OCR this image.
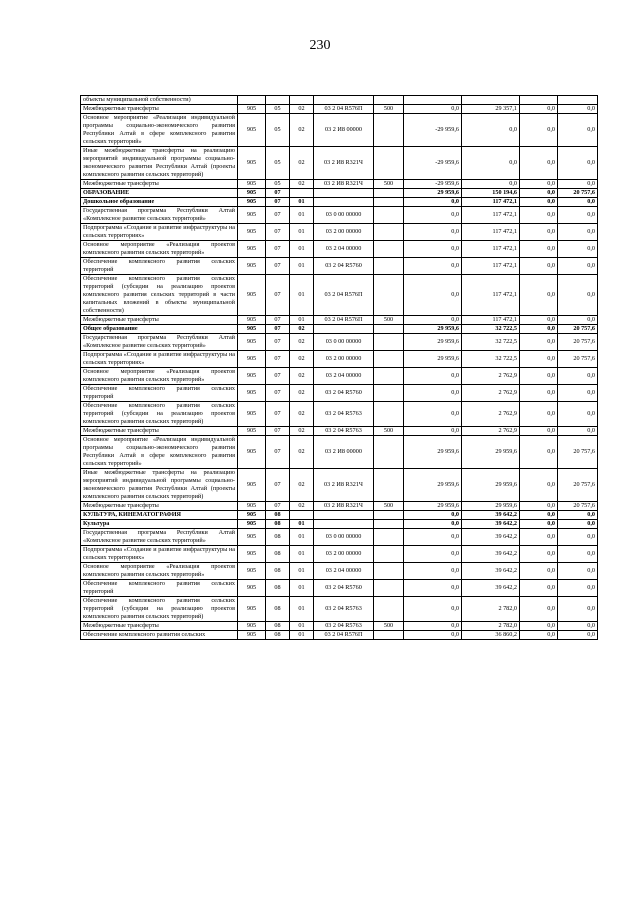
230
объекты муниципальной собственности)									
Межбюджетные трансферты	905	05	02	03 2 04 R576П	500	0,0	29 357,1	0,0	0,0
Основное мероприятие «Реализация индивидуальной программы социально-экономического развития Республики Алтай в сфере комплексного развития сельских территорий»	905	05	02	03 2 И8 00000		-29 959,6	0,0	0,0	0,0
Иные межбюджетные трансферты на реализацию мероприятий индивидуальной программы социально-экономического развития Республики Алтай (проекты комплексного развития сельских территорий)	905	05	02	03 2 И8 R321Ч		-29 959,6	0,0	0,0	0,0
Межбюджетные трансферты	905	05	02	03 2 И8 R321Ч	500	-29 959,6	0,0	0,0	0,0
ОБРАЗОВАНИЕ	905	07				29 959,6	150 194,6	0,0	20 757,6
Дошкольное образование	905	07	01			0,0	117 472,1	0,0	0,0
Государственная программа Республики Алтай «Комплексное развитие сельских территорий»	905	07	01	03 0 00 00000		0,0	117 472,1	0,0	0,0
Подпрограмма «Создание и развитие инфраструктуры на сельских территориях»	905	07	01	03 2 00 00000		0,0	117 472,1	0,0	0,0
Основное мероприятие «Реализация проектов комплексного развития сельских территорий»	905	07	01	03 2 04 00000		0,0	117 472,1	0,0	0,0
Обеспечение комплексного развития сельских территорий	905	07	01	03 2 04 R5760		0,0	117 472,1	0,0	0,0
Обеспечение комплексного развития сельских территорий (субсидии на реализацию проектов комплексного развития сельских территорий в части капитальных вложений в объекты муниципальной собственности)	905	07	01	03 2 04 R576П		0,0	117 472,1	0,0	0,0
Межбюджетные трансферты	905	07	01	03 2 04 R576П	500	0,0	117 472,1	0,0	0,0
Общее образование	905	07	02			29 959,6	32 722,5	0,0	20 757,6
Государственная программа Республики Алтай «Комплексное развитие сельских территорий»	905	07	02	03 0 00 00000		29 959,6	32 722,5	0,0	20 757,6
Подпрограмма «Создание и развитие инфраструктуры на сельских территориях»	905	07	02	03 2 00 00000		29 959,6	32 722,5	0,0	20 757,6
Основное мероприятие «Реализация проектов комплексного развития сельских территорий»	905	07	02	03 2 04 00000		0,0	2 762,9	0,0	0,0
Обеспечение комплексного развития сельских территорий	905	07	02	03 2 04 R5760		0,0	2 762,9	0,0	0,0
Обеспечение комплексного развития сельских территорий (субсидии на реализацию проектов комплексного развития сельских территорий)	905	07	02	03 2 04 R5763		0,0	2 762,9	0,0	0,0
Межбюджетные трансферты	905	07	02	03 2 04 R5763	500	0,0	2 762,9	0,0	0,0
Основное мероприятие «Реализация индивидуальной программы социально-экономического развития Республики Алтай в сфере комплексного развития сельских территорий»	905	07	02	03 2 И8 00000		29 959,6	29 959,6	0,0	20 757,6
Иные межбюджетные трансферты на реализацию мероприятий индивидуальной программы социально-экономического развития Республики Алтай (проекты комплексного развития сельских территорий)	905	07	02	03 2 И8 R321Ч		29 959,6	29 959,6	0,0	20 757,6
Межбюджетные трансферты	905	07	02	03 2 И8 R321Ч	500	29 959,6	29 959,6	0,0	20 757,6
КУЛЬТУРА, КИНЕМАТОГРАФИЯ	905	08				0,0	39 642,2	0,0	0,0
Культура	905	08	01			0,0	39 642,2	0,0	0,0
Государственная программа Республики Алтай «Комплексное развитие сельских территорий»	905	08	01	03 0 00 00000		0,0	39 642,2	0,0	0,0
Подпрограмма «Создание и развитие инфраструктуры на сельских территориях»	905	08	01	03 2 00 00000		0,0	39 642,2	0,0	0,0
Основное мероприятие «Реализация проектов комплексного развития сельских территорий»	905	08	01	03 2 04 00000		0,0	39 642,2	0,0	0,0
Обеспечение комплексного развития сельских территорий	905	08	01	03 2 04 R5760		0,0	39 642,2	0,0	0,0
Обеспечение комплексного развития сельских территорий (субсидии на реализацию проектов комплексного развития сельских территорий)	905	08	01	03 2 04 R5763		0,0	2 782,0	0,0	0,0
Межбюджетные трансферты	905	08	01	03 2 04 R5763	500	0,0	2 782,0	0,0	0,0
Обеспечение комплексного развития сельских	905	08	01	03 2 04 R576П		0,0	36 860,2	0,0	0,0
